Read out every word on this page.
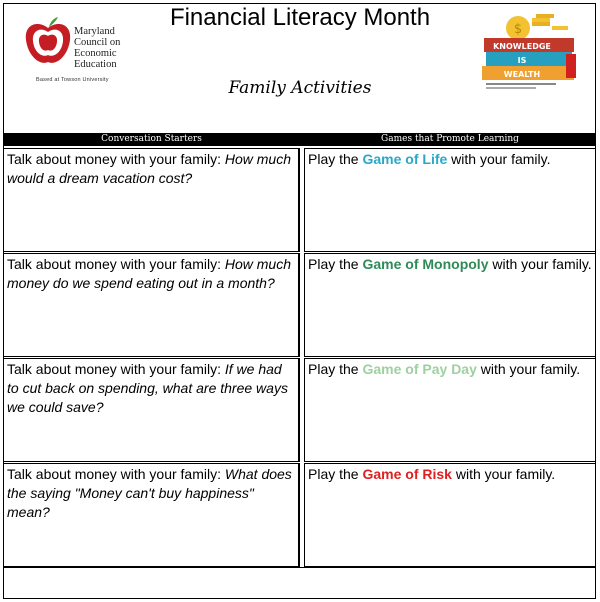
Maryland
Council on
Economic
Education
Based at Towson University
Financial Literacy Month
Family Activities
$
KNOWLEDGE
IS
WEALTH
Conversation Starters	Games that Promote Learning
Talk about money with your family: How much would a dream vacation cost?
Play the Game of Life with your family.
Talk about money with your family: How much money do we spend eating out in a month?
Play the Game of Monopoly with your family.
Talk about money with your family: If we had to cut back on spending, what are three ways we could save?
Play the Game of Pay Day with your family.
Talk about money with your family: What does the saying "Money can't buy happiness" mean?
Play the Game of Risk with your family.
